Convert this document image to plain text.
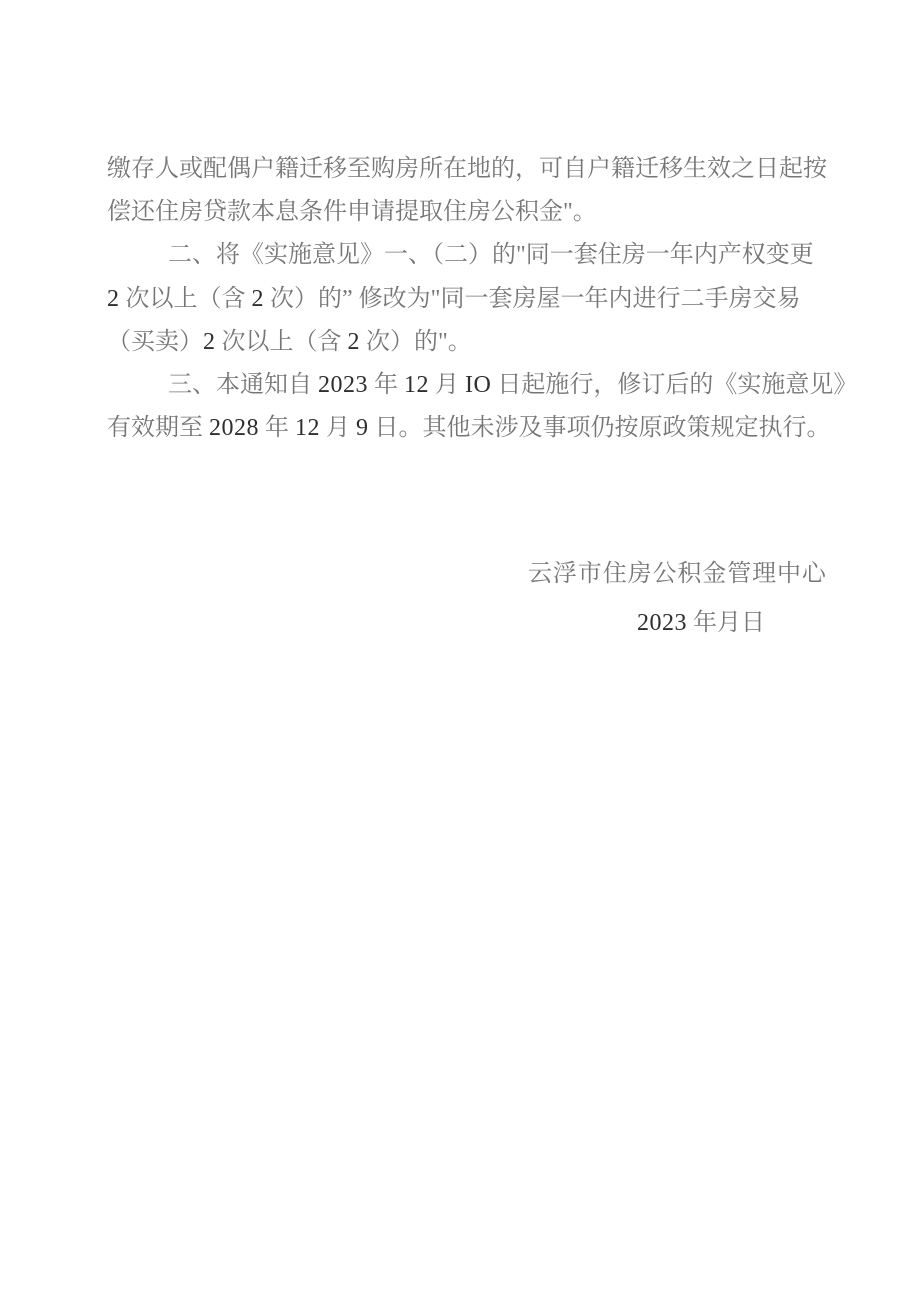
缴存人或配偶户籍迁移至购房所在地的，可自户籍迁移生效之日起按
偿还住房贷款本息条件申请提取住房公积金"。
二、将《实施意见》一、（二）的"同一套住房一年内产权变更
2 次以上（含 2 次）的” 修改为"同一套房屋一年内进行二手房交易
（买卖）2 次以上（含 2 次）的"。
三、本通知自 2023 年 12 月 IO 日起施行，修订后的《实施意见》
有效期至 2028 年 12 月 9 日。其他未涉及事项仍按原政策规定执行。
云浮市住房公积金管理中心
2023 年月日
